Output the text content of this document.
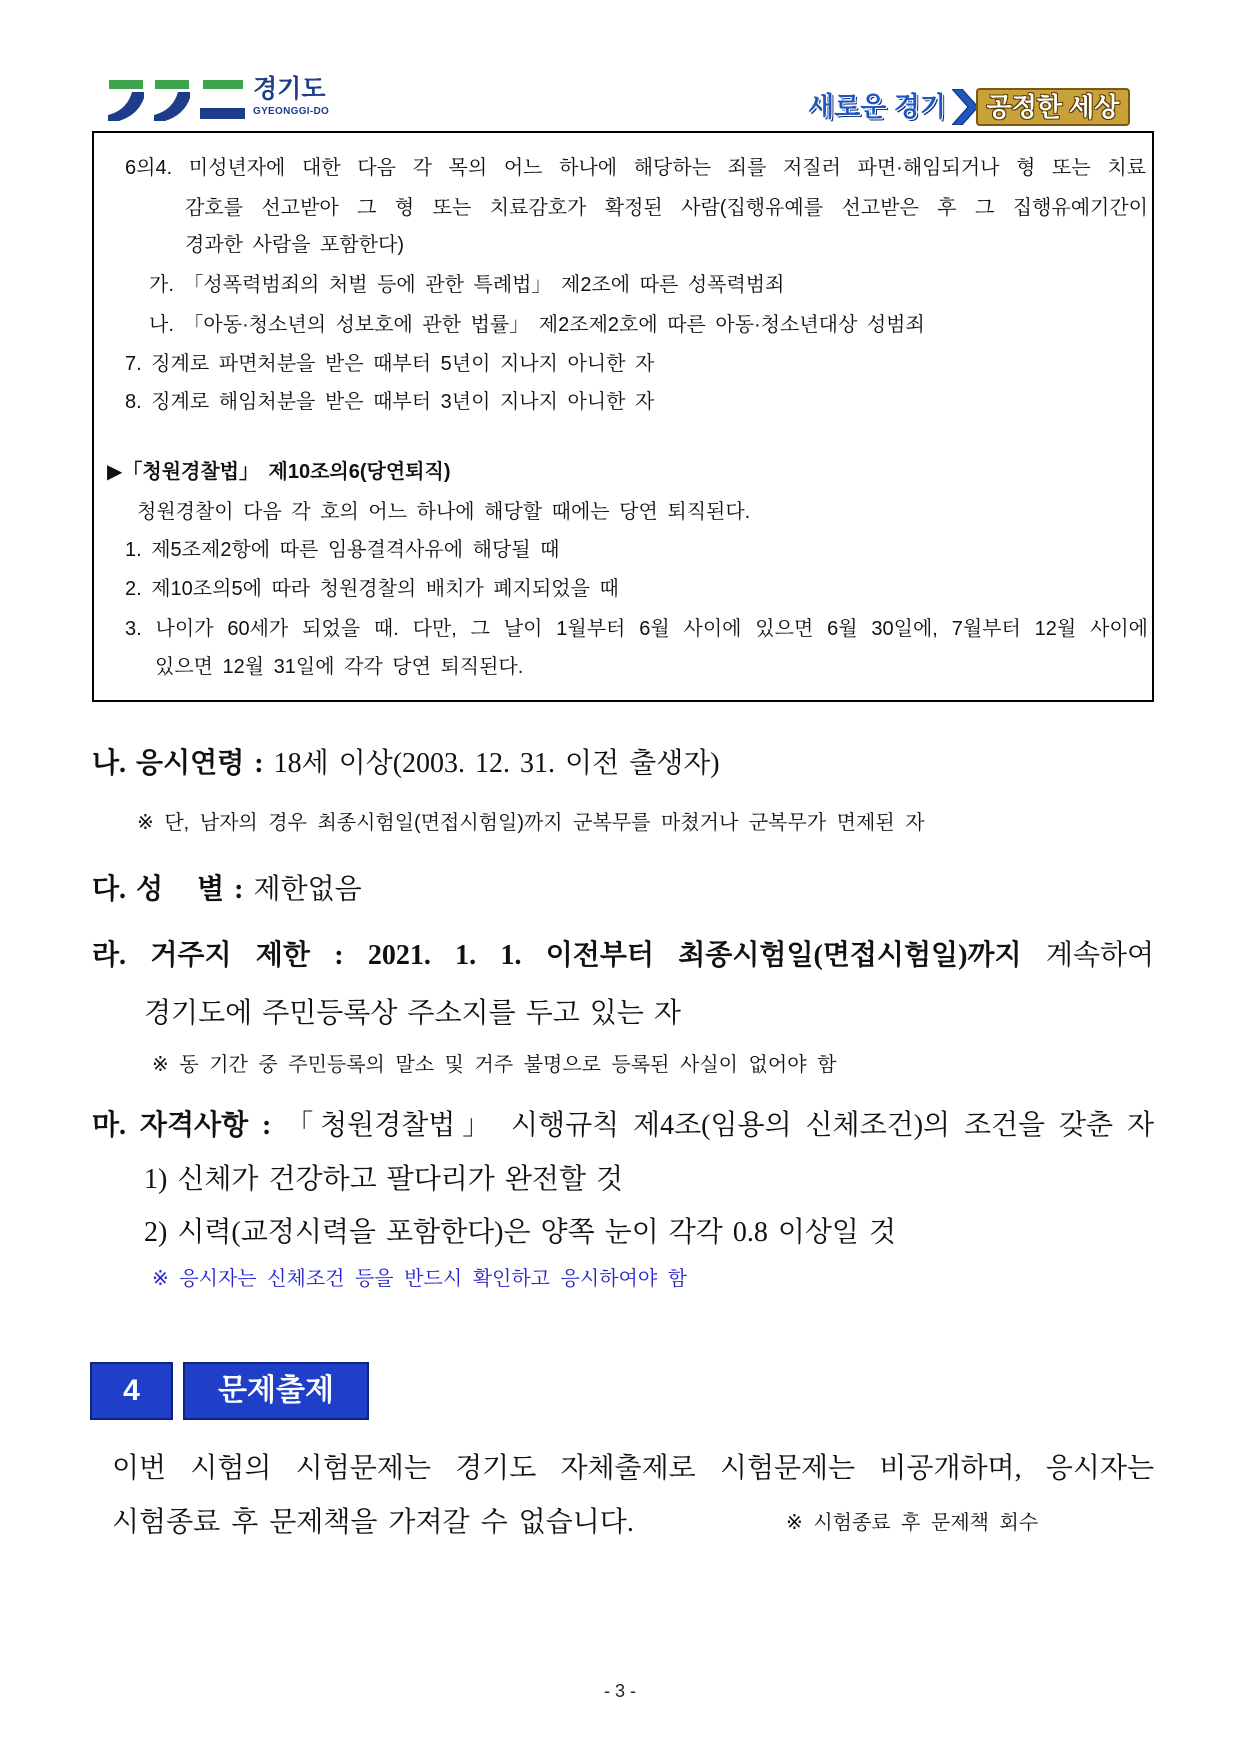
경기도
GYEONGGI-DO	새로운 경기	공정한 세상
6의4. 미성년자에 대한 다음 각 목의 어느 하나에 해당하는 죄를 저질러 파면·해임되거나 형 또는 치료
감호를 선고받아 그 형 또는 치료감호가 확정된 사람(집행유예를 선고받은 후 그 집행유예기간이
경과한 사람을 포함한다)
가. 「성폭력범죄의 처벌 등에 관한 특례법」 제2조에 따른 성폭력범죄
나. 「아동·청소년의 성보호에 관한 법률」 제2조제2호에 따른 아동·청소년대상 성범죄
7. 징계로 파면처분을 받은 때부터 5년이 지나지 아니한 자
8. 징계로 해임처분을 받은 때부터 3년이 지나지 아니한 자
▶「청원경찰법」 제10조의6(당연퇴직)
청원경찰이 다음 각 호의 어느 하나에 해당할 때에는 당연 퇴직된다.
1. 제5조제2항에 따른 임용결격사유에 해당될 때
2. 제10조의5에 따라 청원경찰의 배치가 폐지되었을 때
3. 나이가 60세가 되었을 때. 다만, 그 날이 1월부터 6월 사이에 있으면 6월 30일에, 7월부터 12월 사이에
있으면 12월 31일에 각각 당연 퇴직된다.
나. 응시연령 : 18세 이상(2003. 12. 31. 이전 출생자)
※ 단, 남자의 경우 최종시험일(면접시험일)까지 군복무를 마쳤거나 군복무가 면제된 자
다. 성 별 : 제한없음
라. 거주지 제한 : 2021. 1. 1. 이전부터 최종시험일(면접시험일)까지 계속하여
경기도에 주민등록상 주소지를 두고 있는 자
※ 동 기간 중 주민등록의 말소 및 거주 불명으로 등록된 사실이 없어야 함
마. 자격사항 : 「청원경찰법」 시행규칙 제4조(임용의 신체조건)의 조건을 갖춘 자
1) 신체가 건강하고 팔다리가 완전할 것
2) 시력(교정시력을 포함한다)은 양쪽 눈이 각각 0.8 이상일 것
※ 응시자는 신체조건 등을 반드시 확인하고 응시하여야 함
4	문제출제
이번 시험의 시험문제는 경기도 자체출제로 시험문제는 비공개하며, 응시자는
시험종료 후 문제책을 가져갈 수 없습니다.	※ 시험종료 후 문제책 회수
- 3 -
